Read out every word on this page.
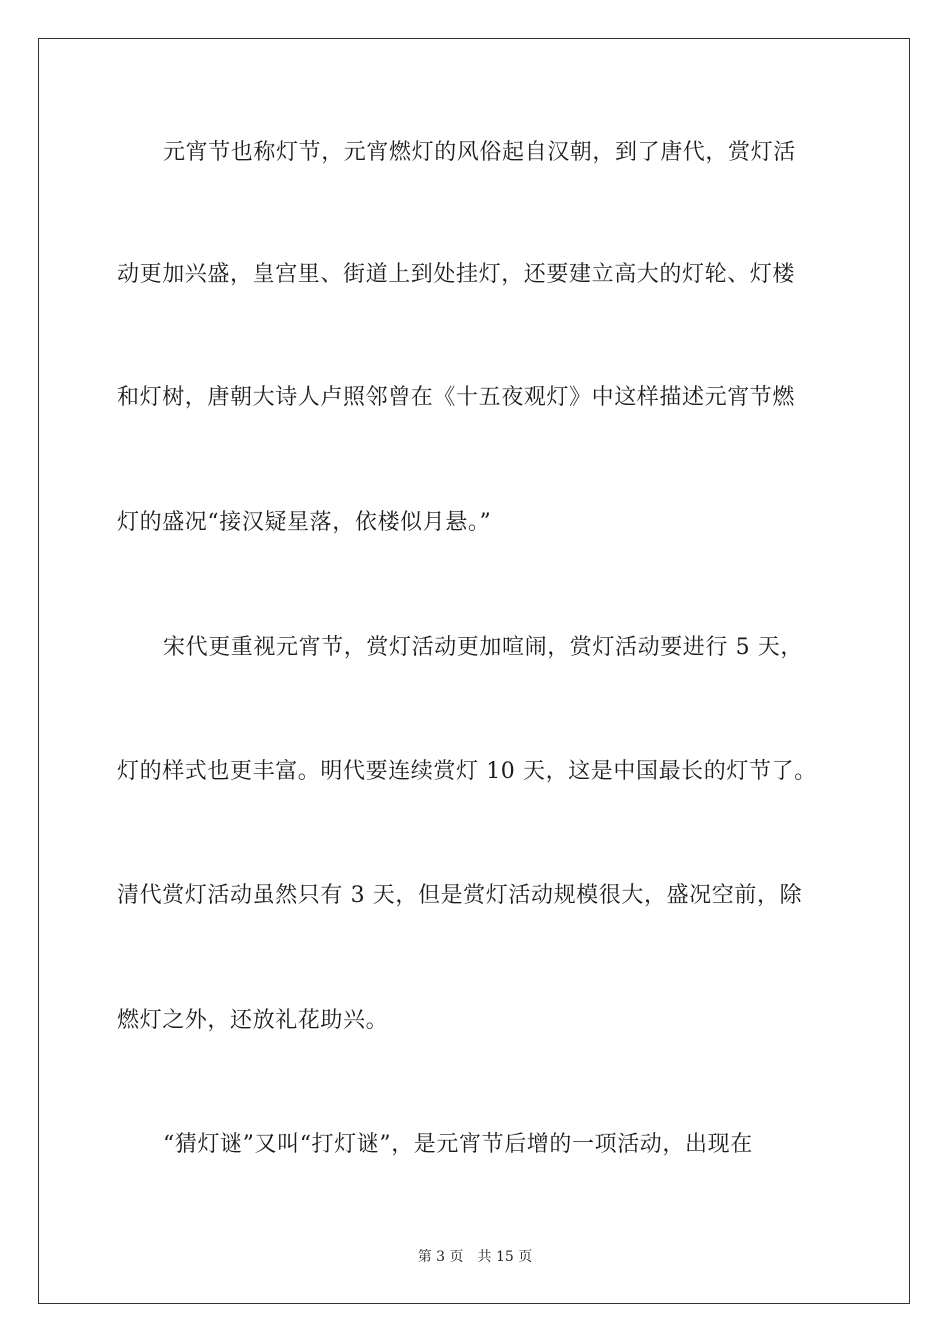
元宵节也称灯节，元宵燃灯的风俗起自汉朝，到了唐代，赏灯活
动更加兴盛，皇宫里、街道上到处挂灯，还要建立高大的灯轮、灯楼
和灯树，唐朝大诗人卢照邻曾在《十五夜观灯》中这样描述元宵节燃
灯的盛况“接汉疑星落，依楼似月悬。”
宋代更重视元宵节，赏灯活动更加喧闹，赏灯活动要进行 5 天，
灯的样式也更丰富。明代要连续赏灯 10 天，这是中国最长的灯节了。
清代赏灯活动虽然只有 3 天，但是赏灯活动规模很大，盛况空前，除
燃灯之外，还放礼花助兴。
“猜灯谜”又叫“打灯谜”，是元宵节后增的一项活动，出现在
第 3 页 共 15 页
